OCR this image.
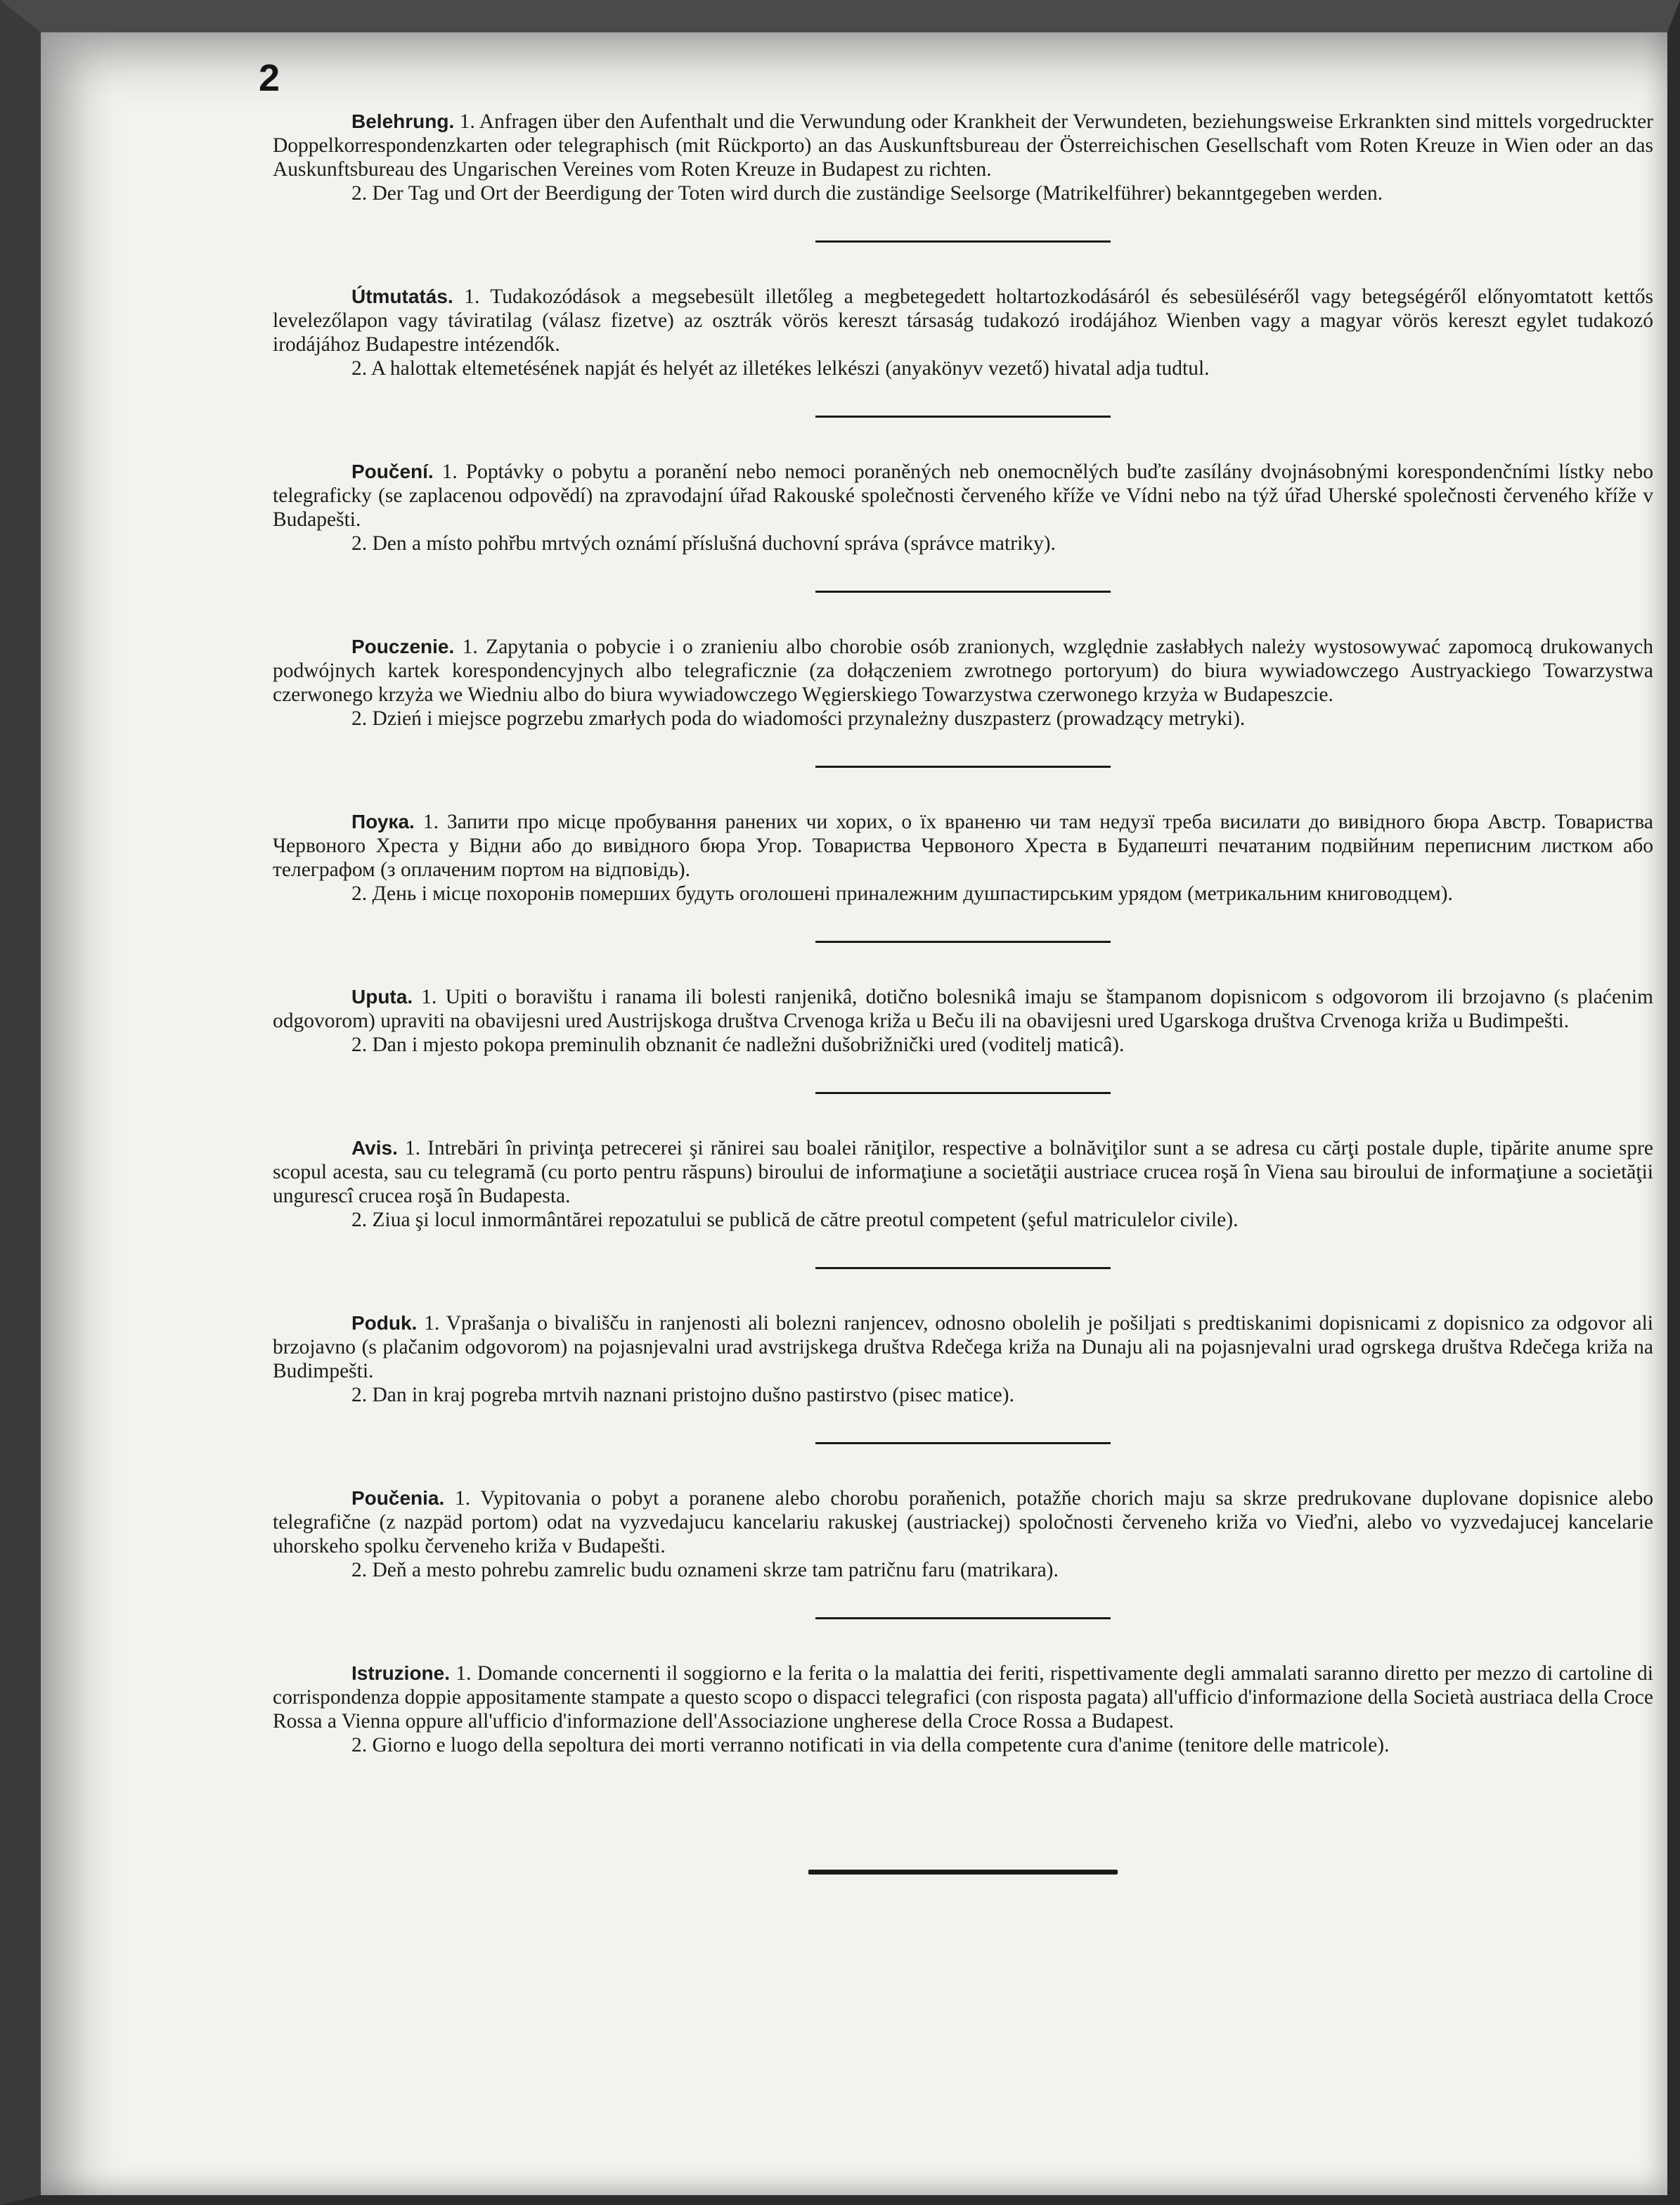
2

Belehrung. 1. Anfragen über den Aufenthalt und die Verwundung oder Krankheit der Verwundeten, beziehungsweise Erkrankten sind mittels vorgedruckter Doppelkorrespondenzkarten oder telegraphisch (mit Rückporto) an das Auskunftsbureau der Österreichischen Gesellschaft vom Roten Kreuze in Wien oder an das Auskunftsbureau des Ungarischen Vereines vom Roten Kreuze in Budapest zu richten.

2. Der Tag und Ort der Beerdigung der Toten wird durch die zuständige Seelsorge (Matrikelführer) bekanntgegeben werden.

Útmutatás. 1. Tudakozódások a megsebesült illetőleg a megbetegedett holtartozkodásáról és sebesüléséről vagy betegségéről előnyomtatott kettős levelezőlapon vagy táviratilag (válasz fizetve) az osztrák vörös kereszt társaság tudakozó irodájához Wienben vagy a magyar vörös kereszt egylet tudakozó irodájához Budapestre intézendők.

2. A halottak eltemetésének napját és helyét az illetékes lelkészi (anyakönyv vezető) hivatal adja tudtul.

Poučení. 1. Poptávky o pobytu a poranění nebo nemoci poraněných neb onemocnělých buďte zasílány dvojnásobnými korespondenčními lístky nebo telegraficky (se zaplacenou odpovědí) na zpravodajní úřad Rakouské společnosti červeného kříže ve Vídni nebo na týž úřad Uherské společnosti červeného kříže v Budapešti.

2. Den a místo pohřbu mrtvých oznámí příslušná duchovní správa (správce matriky).

Pouczenie. 1. Zapytania o pobycie i o zranieniu albo chorobie osób zranionych, względnie zasłabłych należy wystosowywać zapomocą drukowanych podwójnych kartek korespondencyjnych albo telegraficznie (za dołączeniem zwrotnego portoryum) do biura wywiadowczego Austryackiego Towarzystwa czerwonego krzyża we Wiedniu albo do biura wywiadowczego Węgierskiego Towarzystwa czerwonego krzyża w Budapeszcie.

2. Dzień i miejsce pogrzebu zmarłych poda do wiadomości przynależny duszpasterz (prowadzący metryki).

Поука. 1. Запити про місце пробування ранених чи хорих, о їх враненю чи там недузї треба висилати до вивідного бюра Австр. Товариства Червоного Хреста у Відни або до вивідного бюра Угор. Товариства Червоного Хреста в Будапешті печатаним подвійним переписним листком або телеграфом (з оплаченим портом на відповідь).

2. День і місце похоронів померших будуть оголошені приналежним душпастирським урядом (метрикальним книговодцем).

Uputa. 1. Upiti o boravištu i ranama ili bolesti ranjenikâ, dotično bolesnikâ imaju se štampanom dopisnicom s odgovorom ili brzojavno (s plaćenim odgovorom) upraviti na obavijesni ured Austrijskoga društva Crvenoga križa u Beču ili na obavijesni ured Ugarskoga društva Crvenoga križa u Budimpešti.

2. Dan i mjesto pokopa preminulih obznanit će nadležni dušobrižnički ured (voditelj maticâ).

Avis. 1. Intrebări în privinţa petrecerei şi rănirei sau boalei răniţilor, respective a bolnăviţilor sunt a se adresa cu cărţi postale duple, tipărite anume spre scopul acesta, sau cu telegramă (cu porto pentru răspuns) biroului de informaţiune a societăţii austriace crucea roşă în Viena sau biroului de informaţiune a societăţii ungurescî crucea roşă în Budapesta.

2. Ziua şi locul inmormântărei repozatului se publică de către preotul competent (şeful matriculelor civile).

Poduk. 1. Vprašanja o bivališču in ranjenosti ali bolezni ranjencev, odnosno obolelih je pošiljati s predtiskanimi dopisnicami z dopisnico za odgovor ali brzojavno (s plačanim odgovorom) na pojasnjevalni urad avstrijskega društva Rdečega križa na Dunaju ali na pojasnjevalni urad ogrskega društva Rdečega križa na Budimpešti.

2. Dan in kraj pogreba mrtvih naznani pristojno dušno pastirstvo (pisec matice).

Poučenia. 1. Vypitovania o pobyt a poranene alebo chorobu poraňenich, potažňe chorich maju sa skrze predrukovane duplovane dopisnice alebo telegrafične (z nazpäd portom) odat na vyzvedajucu kancelariu rakuskej (austriackej) spoločnosti červeneho križa vo Vieďni, alebo vo vyzvedajucej kancelarie uhorskeho spolku červeneho križa v Budapešti.

2. Deň a mesto pohrebu zamrelic budu oznameni skrze tam patričnu faru (matrikara).

Istruzione. 1. Domande concernenti il soggiorno e la ferita o la malattia dei feriti, rispettivamente degli ammalati saranno diretto per mezzo di cartoline di corrispondenza doppie appositamente stampate a questo scopo o dispacci telegrafici (con risposta pagata) all'ufficio d'informazione della Società austriaca della Croce Rossa a Vienna oppure all'ufficio d'informazione dell'Associazione ungherese della Croce Rossa a Budapest.

2. Giorno e luogo della sepoltura dei morti verranno notificati in via della competente cura d'anime (tenitore delle matricole).
